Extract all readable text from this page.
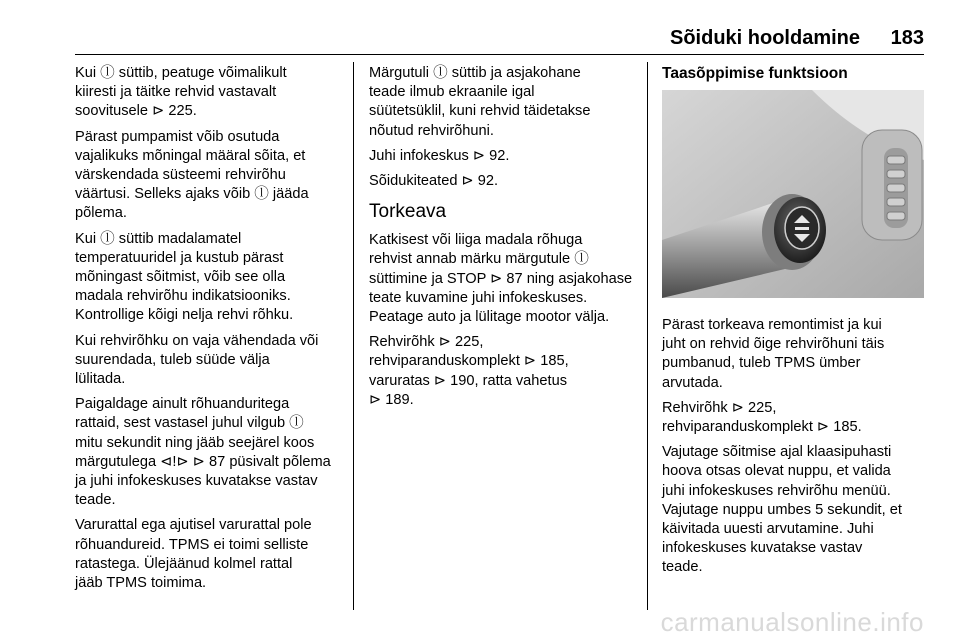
Sõiduki hooldamine 183

Kui ⓛ süttib, peatuge võimalikult
kiiresti ja täitke rehvid vastavalt
soovitusele ⊳ 225.

Pärast pumpamist võib osutuda
vajalikuks mõningal määral sõita, et
värskendada süsteemi rehvirõhu
väärtusi. Selleks ajaks võib ⓛ jääda
põlema.

Kui ⓛ süttib madalamatel
temperatuuridel ja kustub pärast
mõningast sõitmist, võib see olla
madala rehvirõhu indikatsiooniks.
Kontrollige kõigi nelja rehvi rõhku.

Kui rehvirõhku on vaja vähendada või
suurendada, tuleb süüde välja
lülitada.

Paigaldage ainult rõhuanduritega
rattaid, sest vastasel juhul vilgub ⓛ
mitu sekundit ning jääb seejärel koos
märgutulega ⊲!⊳ ⊳ 87 püsivalt põlema
ja juhi infokeskuses kuvatakse vastav
teade.

Varurattal ega ajutisel varurattal pole
rõhuandureid. TPMS ei toimi selliste
ratastega. Ülejäänud kolmel rattal
jääb TPMS toimima.

Märgutuli ⓛ süttib ja asjakohane
teade ilmub ekraanile igal
süütetsüklil, kuni rehvid täidetakse
nõutud rehvirõhuni.

Juhi infokeskus ⊳ 92.

Sõidukiteated ⊳ 92.

Torkeava

Katkisest või liiga madala rõhuga
rehvist annab märku märgutule ⓛ
süttimine ja STOP ⊳ 87 ning asjakohase
teate kuvamine juhi infokeskuses.
Peatage auto ja lülitage mootor välja.

Rehvirõhk ⊳ 225,
rehviparanduskomplekt ⊳ 185,
varuratas ⊳ 190, ratta vahetus
⊳ 189.

Taasõppimise funktsioon

Pärast torkeava remontimist ja kui
juht on rehvid õige rehvirõhuni täis
pumbanud, tuleb TPMS ümber
arvutada.

Rehvirõhk ⊳ 225,
rehviparanduskomplekt ⊳ 185.

Vajutage sõitmise ajal klaasipuhasti
hoova otsas olevat nuppu, et valida
juhi infokeskuses rehvirõhu menüü.
Vajutage nuppu umbes 5 sekundit, et
käivitada uuesti arvutamine. Juhi
infokeskuses kuvatakse vastav
teade.

carmanualsonline.info
